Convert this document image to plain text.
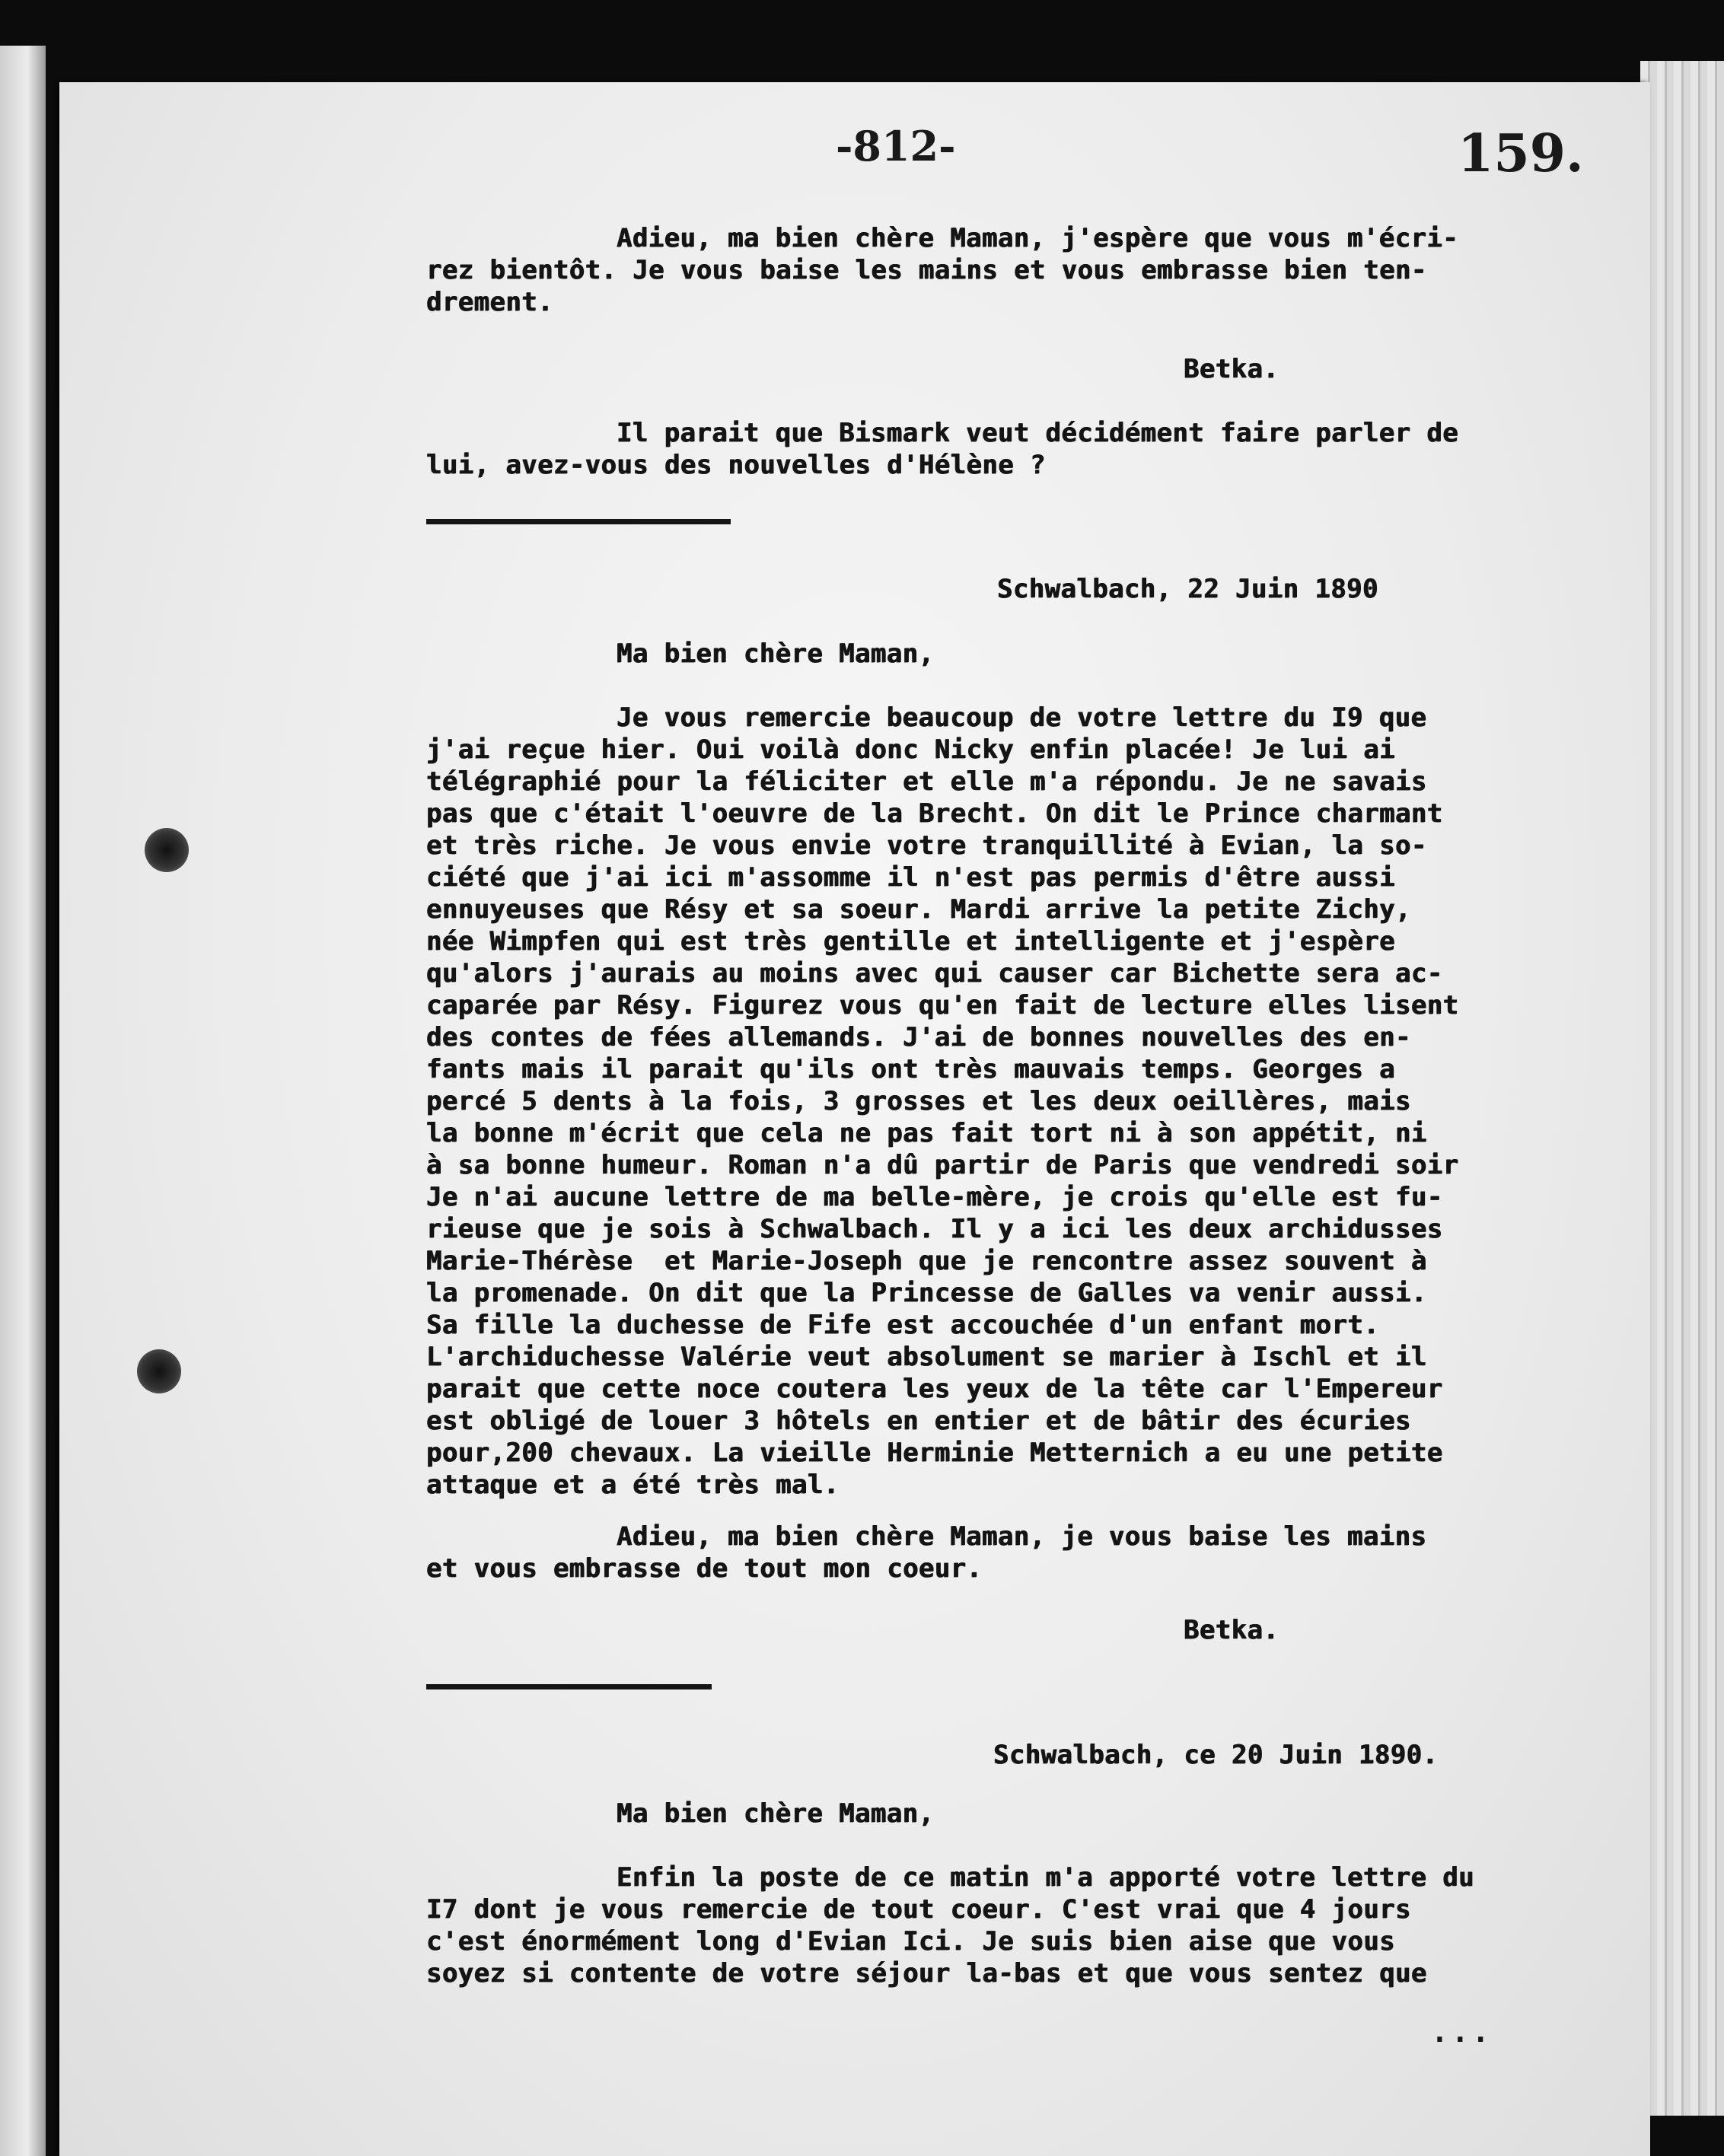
-812-	159.

Adieu, ma bien chère Maman, j'espère que vous m'écri-

rez bientôt. Je vous baise les mains et vous embrasse bien ten-

drement.

Betka.

Il parait que Bismark veut décidément faire parler de

lui, avez-vous des nouvelles d'Hélène ?

Schwalbach, 22 Juin 1890

Ma bien chère Maman,

Je vous remercie beaucoup de votre lettre du I9 que

j'ai reçue hier. Oui voilà donc Nicky enfin placée! Je lui ai

télégraphié pour la féliciter et elle m'a répondu. Je ne savais

pas que c'était l'oeuvre de la Brecht. On dit le Prince charmant

et très riche. Je vous envie votre tranquillité à Evian, la so-

ciété que j'ai ici m'assomme il n'est pas permis d'être aussi

ennuyeuses que Résy et sa soeur. Mardi arrive la petite Zichy,

née Wimpfen qui est très gentille et intelligente et j'espère

qu'alors j'aurais au moins avec qui causer car Bichette sera ac-

caparée par Résy. Figurez vous qu'en fait de lecture elles lisent

des contes de fées allemands. J'ai de bonnes nouvelles des en-

fants mais il parait qu'ils ont très mauvais temps. Georges a

percé 5 dents à la fois, 3 grosses et les deux oeillères, mais

la bonne m'écrit que cela ne pas fait tort ni à son appétit, ni

à sa bonne humeur. Roman n'a dû partir de Paris que vendredi soir

Je n'ai aucune lettre de ma belle-mère, je crois qu'elle est fu-

rieuse que je sois à Schwalbach. Il y a ici les deux archidusses

Marie-Thérèse  et Marie-Joseph que je rencontre assez souvent à

la promenade. On dit que la Princesse de Galles va venir aussi.

Sa fille la duchesse de Fife est accouchée d'un enfant mort.

L'archiduchesse Valérie veut absolument se marier à Ischl et il

parait que cette noce coutera les yeux de la tête car l'Empereur

est obligé de louer 3 hôtels en entier et de bâtir des écuries

pour,200 chevaux. La vieille Herminie Metternich a eu une petite

attaque et a été très mal.

Adieu, ma bien chère Maman, je vous baise les mains

et vous embrasse de tout mon coeur.

Betka.

Schwalbach, ce 20 Juin 1890.

Ma bien chère Maman,

Enfin la poste de ce matin m'a apporté votre lettre du

I7 dont je vous remercie de tout coeur. C'est vrai que 4 jours

c'est énormément long d'Evian Ici. Je suis bien aise que vous

soyez si contente de votre séjour la-bas et que vous sentez que

...
